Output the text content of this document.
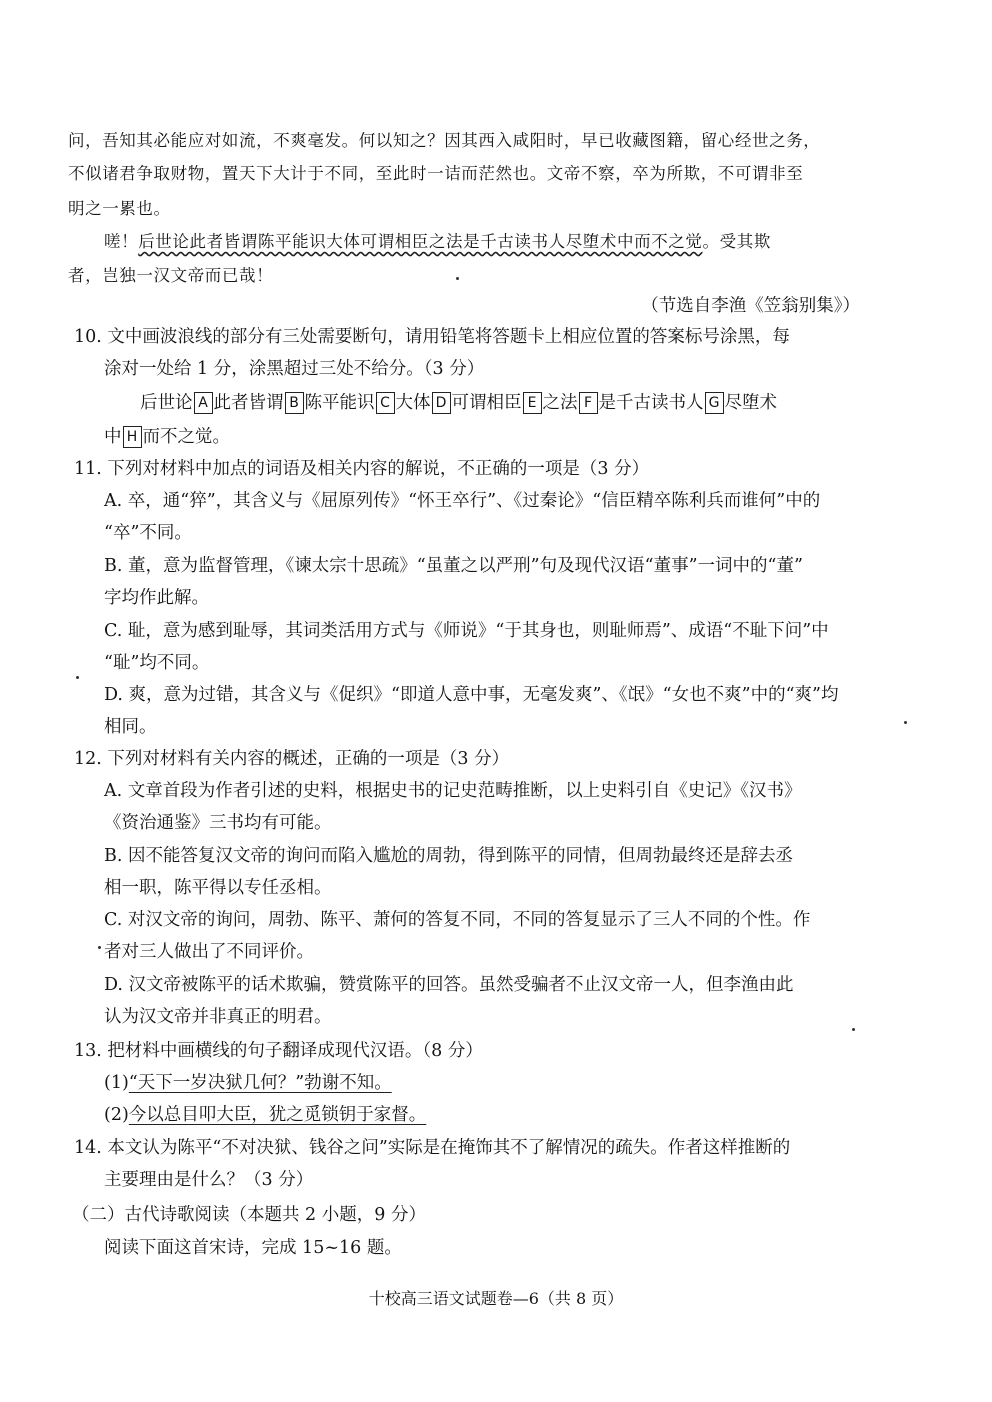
问，吾知其必能应对如流，不爽毫发。何以知之？因其西入咸阳时，早已收藏图籍，留心经世之务，
不似诸君争取财物，置天下大计于不同，至此时一诘而茫然也。文帝不察，卒为所欺，不可谓非至
明之一累也。
嗟！后世论此者皆谓陈平能识大体可谓相臣之法是千古读书人尽堕术中而不之觉。受其欺
者，岂独一汉文帝而已哉！
（节选自李渔《笠翁别集》）
10. 文中画波浪线的部分有三处需要断句，请用铅笔将答题卡上相应位置的答案标号涂黑，每
涂对一处给 1 分，涂黑超过三处不给分。（3 分）
后世论 A 此者皆谓 B 陈平能识 C 大体 D 可谓相臣 E 之法 F 是千古读书人 G 尽堕术
中 H 而不之觉。
11. 下列对材料中加点的词语及相关内容的解说，不正确的一项是（3 分）
A. 卒，通“猝”，其含义与《屈原列传》“怀王卒行”、《过秦论》“信臣精卒陈利兵而谁何”中的
“卒”不同。
B. 董，意为监督管理，《谏太宗十思疏》“虽董之以严刑”句及现代汉语“董事”一词中的“董”
字均作此解。
C. 耻，意为感到耻辱，其词类活用方式与《师说》“于其身也，则耻师焉”、成语“不耻下问”中
“耻”均不同。
D. 爽，意为过错，其含义与《促织》“即道人意中事，无毫发爽”、《氓》“女也不爽”中的“爽”均
相同。
12. 下列对材料有关内容的概述，正确的一项是（3 分）
A. 文章首段为作者引述的史料，根据史书的记史范畴推断，以上史料引自《史记》《汉书》
《资治通鉴》三书均有可能。
B. 因不能答复汉文帝的询问而陷入尴尬的周勃，得到陈平的同情，但周勃最终还是辞去丞
相一职，陈平得以专任丞相。
C. 对汉文帝的询问，周勃、陈平、萧何的答复不同，不同的答复显示了三人不同的个性。作
者对三人做出了不同评价。
D. 汉文帝被陈平的话术欺骗，赞赏陈平的回答。虽然受骗者不止汉文帝一人，但李渔由此
认为汉文帝并非真正的明君。
13. 把材料中画横线的句子翻译成现代汉语。（8 分）
(1)“天下一岁决狱几何？”勃谢不知。
(2)今以总目叩大臣，犹之觅锁钥于家督。
14. 本文认为陈平“不对决狱、钱谷之问”实际是在掩饰其不了解情况的疏失。作者这样推断的
主要理由是什么？（3 分）
（二）古代诗歌阅读（本题共 2 小题，9 分）
阅读下面这首宋诗，完成 15~16 题。
十校高三语文试题卷—6（共 8 页）
